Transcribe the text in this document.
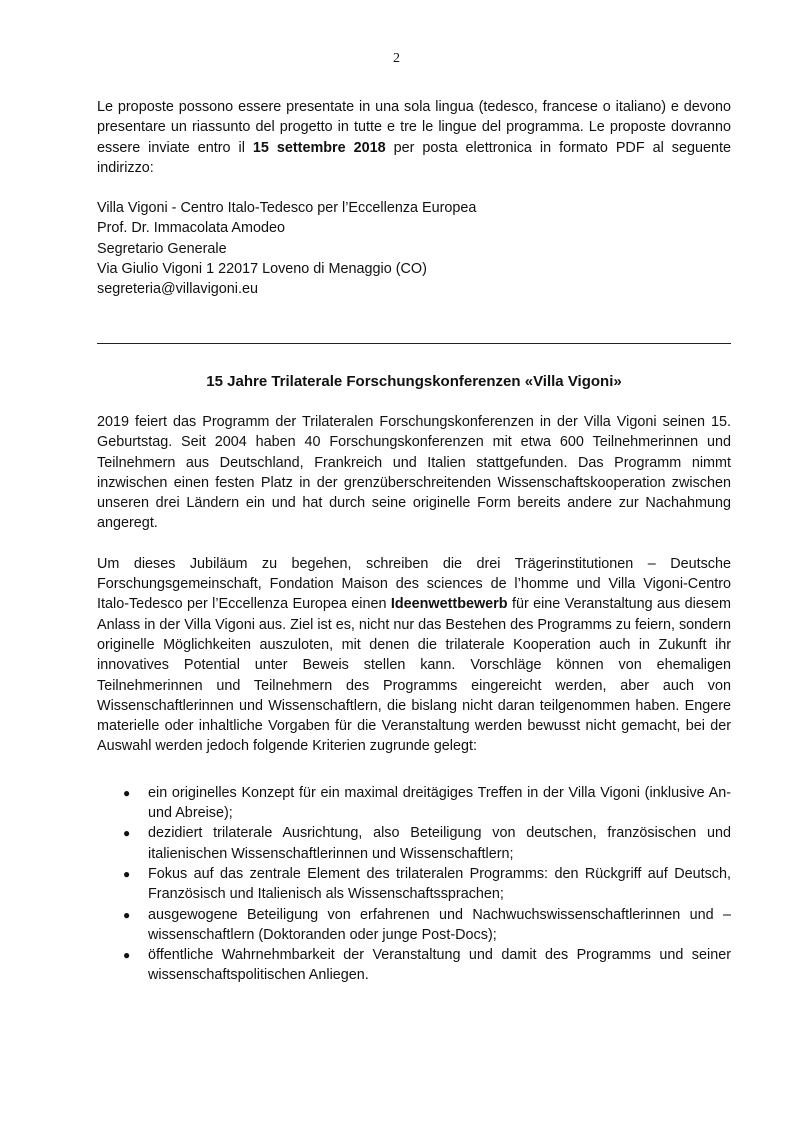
2

Le proposte possono essere presentate in una sola lingua (tedesco, francese o italiano) e devono presentare un riassunto del progetto in tutte e tre le lingue del programma. Le proposte dovranno essere inviate entro il 15 settembre 2018 per posta elettronica in formato PDF al seguente indirizzo:

Villa Vigoni - Centro Italo-Tedesco per l’Eccellenza Europea
Prof. Dr. Immacolata Amodeo
Segretario Generale
Via Giulio Vigoni 1 22017 Loveno di Menaggio (CO)
segreteria@villavigoni.eu
15 Jahre Trilaterale Forschungskonferenzen «Villa Vigoni»

2019 feiert das Programm der Trilateralen Forschungskonferenzen in der Villa Vigoni seinen 15. Geburtstag. Seit 2004 haben 40 Forschungskonferenzen mit etwa 600 Teilnehmerinnen und Teilnehmern aus Deutschland, Frankreich und Italien stattgefunden. Das Programm nimmt inzwischen einen festen Platz in der grenzüberschreitenden Wissenschaftskooperation zwischen unseren drei Ländern ein und hat durch seine originelle Form bereits andere zur Nachahmung angeregt.

Um dieses Jubiläum zu begehen, schreiben die drei Trägerinstitutionen – Deutsche Forschungsgemeinschaft, Fondation Maison des sciences de l’homme und Villa Vigoni-Centro Italo-Tedesco per l’Eccellenza Europea einen Ideenwettbewerb für eine Veranstaltung aus diesem Anlass in der Villa Vigoni aus. Ziel ist es, nicht nur das Bestehen des Programms zu feiern, sondern originelle Möglichkeiten auszuloten, mit denen die trilaterale Kooperation auch in Zukunft ihr innovatives Potential unter Beweis stellen kann. Vorschläge können von ehemaligen Teilnehmerinnen und Teilnehmern des Programms eingereicht werden, aber auch von Wissenschaftlerinnen und Wissenschaftlern, die bislang nicht daran teilgenommen haben. Engere materielle oder inhaltliche Vorgaben für die Veranstaltung werden bewusst nicht gemacht, bei der Auswahl werden jedoch folgende Kriterien zugrunde gelegt:

● ein originelles Konzept für ein maximal dreitägiges Treffen in der Villa Vigoni (inklusive An- und Abreise);
● dezidiert trilaterale Ausrichtung, also Beteiligung von deutschen, französischen und italienischen Wissenschaftlerinnen und Wissenschaftlern;
● Fokus auf das zentrale Element des trilateralen Programms: den Rückgriff auf Deutsch, Französisch und Italienisch als Wissenschaftssprachen;
● ausgewogene Beteiligung von erfahrenen und Nachwuchswissenschaftlerinnen und –wissenschaftlern (Doktoranden oder junge Post-Docs);
● öffentliche Wahrnehmbarkeit der Veranstaltung und damit des Programms und seiner wissenschaftspolitischen Anliegen.
